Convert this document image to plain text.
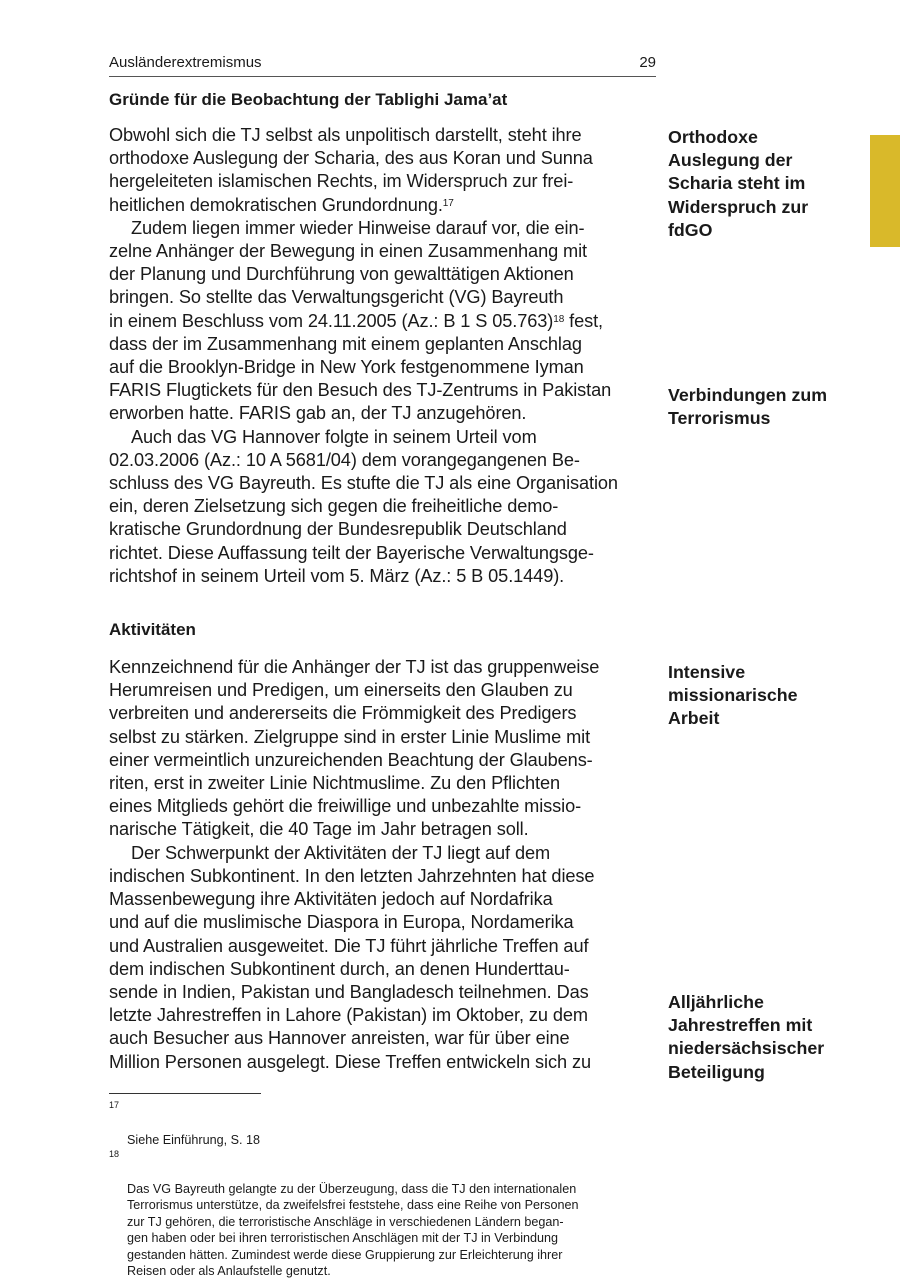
Ausländerextremismus	29
Gründe für die Beobachtung der Tablighi Jama’at

Obwohl sich die TJ selbst als unpolitisch darstellt, steht ihre
orthodoxe Auslegung der Scharia, des aus Koran und Sunna
hergeleiteten islamischen Rechts, im Widerspruch zur frei-
heitlichen demokratischen Grundordnung.$^{17}$

Zudem liegen immer wieder Hinweise darauf vor, die ein-
zelne Anhänger der Bewegung in einen Zusammenhang mit
der Planung und Durchführung von gewalttätigen Aktionen
bringen. So stellte das Verwaltungsgericht (VG) Bayreuth
in einem Beschluss vom 24.11.2005 (Az.: B 1 S 05.763)$^{18}$ fest,
dass der im Zusammenhang mit einem geplanten Anschlag
auf die Brooklyn-Bridge in New York festgenommene Iyman
FARIS Flugtickets für den Besuch des TJ-Zentrums in Pakistan
erworben hatte. FARIS gab an, der TJ anzugehören.

Auch das VG Hannover folgte in seinem Urteil vom
02.03.2006 (Az.: 10 A 5681/04) dem vorangegangenen Be-
schluss des VG Bayreuth. Es stufte die TJ als eine Organisation
ein, deren Zielsetzung sich gegen die freiheitliche demo-
kratische Grundordnung der Bundesrepublik Deutschland
richtet. Diese Auffassung teilt der Bayerische Verwaltungsge-
richtshof in seinem Urteil vom 5. März (Az.: 5 B 05.1449).

Aktivitäten

Kennzeichnend für die Anhänger der TJ ist das gruppenweise
Herumreisen und Predigen, um einerseits den Glauben zu
verbreiten und andererseits die Frömmigkeit des Predigers
selbst zu stärken. Zielgruppe sind in erster Linie Muslime mit
einer vermeintlich unzureichenden Beachtung der Glaubens-
riten, erst in zweiter Linie Nichtmuslime. Zu den Pflichten
eines Mitglieds gehört die freiwillige und unbezahlte missio-
narische Tätigkeit, die 40 Tage im Jahr betragen soll.

Der Schwerpunkt der Aktivitäten der TJ liegt auf dem
indischen Subkontinent. In den letzten Jahrzehnten hat diese
Massenbewegung ihre Aktivitäten jedoch auf Nordafrika
und auf die muslimische Diaspora in Europa, Nordamerika
und Australien ausgeweitet. Die TJ führt jährliche Treffen auf
dem indischen Subkontinent durch, an denen Hunderttau-
sende in Indien, Pakistan und Bangladesch teilnehmen. Das
letzte Jahrestreffen in Lahore (Pakistan) im Oktober, zu dem
auch Besucher aus Hannover anreisten, war für über eine
Million Personen ausgelegt. Diese Treffen entwickeln sich zu

Orthodoxe
Auslegung der
Scharia steht im
Widerspruch zur
fdGO
Verbindungen zum
Terrorismus
Intensive
missionarische
Arbeit
Alljährliche
Jahrestreffen mit
niedersächsischer
Beteiligung

17

Siehe Einführung, S. 18

18

Das VG Bayreuth gelangte zu der Überzeugung, dass die TJ den internationalen
Terrorismus unterstütze, da zweifelsfrei feststehe, dass eine Reihe von Personen
zur TJ gehören, die terroristische Anschläge in verschiedenen Ländern began-
gen haben oder bei ihren terroristischen Anschlägen mit der TJ in Verbindung
gestanden hätten. Zumindest werde diese Gruppierung zur Erleichterung ihrer
Reisen oder als Anlaufstelle genutzt.
